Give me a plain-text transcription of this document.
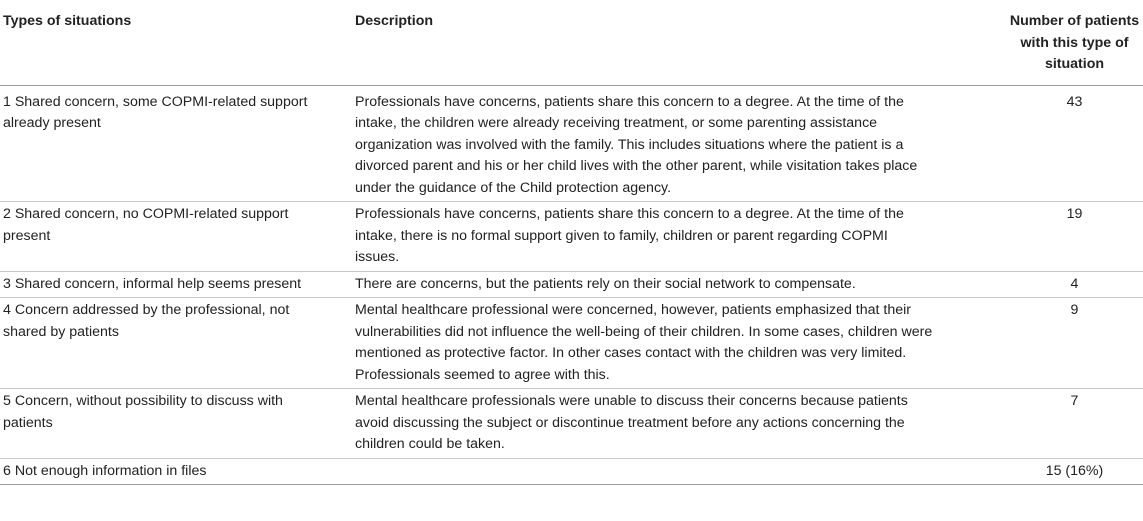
Types of situations	Description	Number of patients with this type of situation
1 Shared concern, some COPMI-related support already present	Professionals have concerns, patients share this concern to a degree. At the time of the intake, the children were already receiving treatment, or some parenting assistance organization was involved with the family. This includes situations where the patient is a divorced parent and his or her child lives with the other parent, while visitation takes place under the guidance of the Child protection agency.	43
2 Shared concern, no COPMI-related support present	Professionals have concerns, patients share this concern to a degree. At the time of the intake, there is no formal support given to family, children or parent regarding COPMI issues.	19
3 Shared concern, informal help seems present	There are concerns, but the patients rely on their social network to compensate.	4
4 Concern addressed by the professional, not shared by patients	Mental healthcare professional were concerned, however, patients emphasized that their vulnerabilities did not influence the well-being of their children. In some cases, children were mentioned as protective factor. In other cases contact with the children was very limited. Professionals seemed to agree with this.	9
5 Concern, without possibility to discuss with patients	Mental healthcare professionals were unable to discuss their concerns because patients avoid discussing the subject or discontinue treatment before any actions concerning the children could be taken.	7
6 Not enough information in files		15 (16%)
